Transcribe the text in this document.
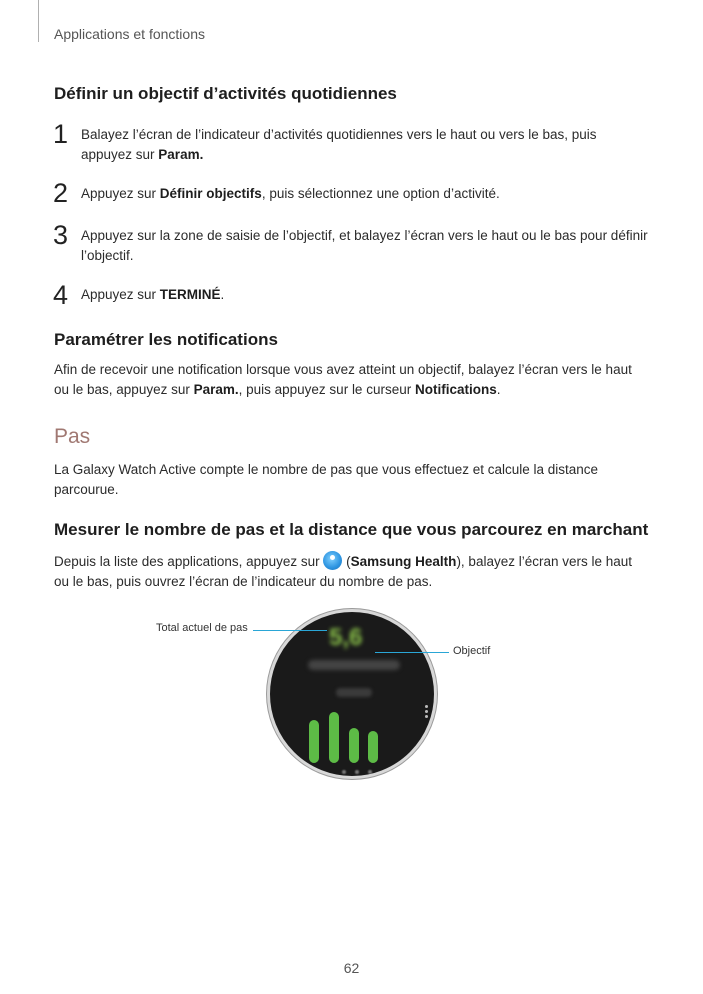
Applications et fonctions
Définir un objectif d’activités quotidiennes
1 Balayez l’écran de l’indicateur d’activités quotidiennes vers le haut ou vers le bas, puis appuyez sur Param.
2 Appuyez sur Définir objectifs, puis sélectionnez une option d’activité.
3 Appuyez sur la zone de saisie de l’objectif, et balayez l’écran vers le haut ou le bas pour définir l’objectif.
4 Appuyez sur TERMINÉ.
Paramétrer les notifications
Afin de recevoir une notification lorsque vous avez atteint un objectif, balayez l’écran vers le haut ou le bas, appuyez sur Param., puis appuyez sur le curseur Notifications.
Pas
La Galaxy Watch Active compte le nombre de pas que vous effectuez et calcule la distance parcourue.
Mesurer le nombre de pas et la distance que vous parcourez en marchant
Depuis la liste des applications, appuyez sur  (Samsung Health), balayez l’écran vers le haut ou le bas, puis ouvrez l’écran de l’indicateur du nombre de pas.
5,6
Total actuel de pas
Objectif
62
